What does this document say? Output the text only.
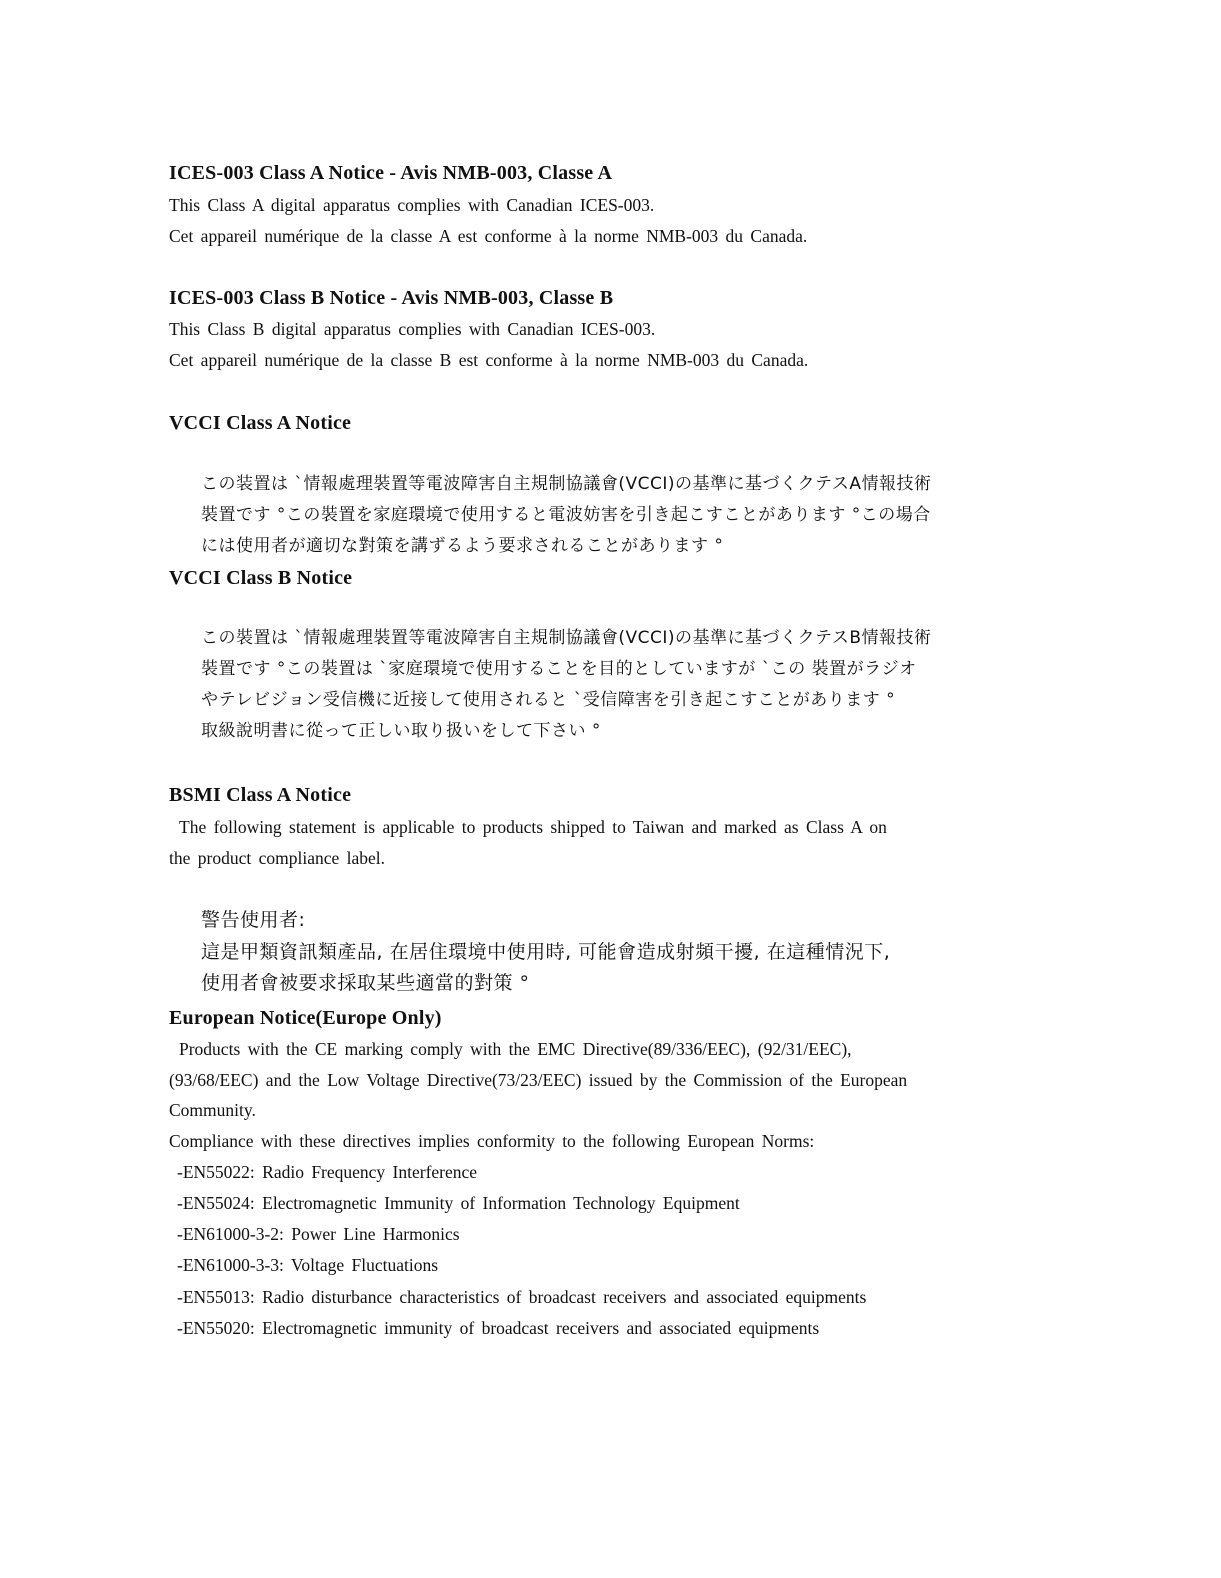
ICES-003 Class A Notice - Avis NMB-003, Classe A
This Class A digital apparatus complies with Canadian ICES-003.
Cet appareil numérique de la classe A est conforme à la norme NMB-003 du Canada.
ICES-003 Class B Notice - Avis NMB-003, Classe B
This Class B digital apparatus complies with Canadian ICES-003.
Cet appareil numérique de la classe B est conforme à la norme NMB-003 du Canada.
VCCI Class A Notice
この装置は `情報處理裝置等電波障害自主規制協議會(VCCI)の基準に基づくクテスA情報技術
裝置です °この裝置を家庭環境で使用すると電波妨害を引き起こすことがあります °この場合
には使用者が適切な對策を講ずるよう要求されることがあります °
VCCI Class B Notice
この裝置は `情報處理裝置等電波障害自主規制協議會(VCCI)の基準に基づくクテスB情報技術
裝置です °この裝置は `家庭環境で使用することを目的としていますが `この 裝置がラジオ
やテレビジョン受信機に近接して使用されると `受信障害を引き起こすことがあります °
取級說明書に從って正しい取り扱いをして下さい °
BSMI Class A Notice
The following statement is applicable to products shipped to Taiwan and marked as Class A on
the product compliance label.
警告使用者:
這是甲類資訊類產品, 在居住環境中使用時, 可能會造成射頻干擾, 在這種情況下,
使用者會被要求採取某些適當的對策 °
European Notice(Europe Only)
Products with the CE marking comply with the EMC Directive(89/336/EEC), (92/31/EEC),
(93/68/EEC) and the Low Voltage Directive(73/23/EEC) issued by the Commission of the European
Community.
Compliance with these directives implies conformity to the following European Norms:
-EN55022: Radio Frequency Interference
-EN55024: Electromagnetic Immunity of Information Technology Equipment
-EN61000-3-2: Power Line Harmonics
-EN61000-3-3: Voltage Fluctuations
-EN55013: Radio disturbance characteristics of broadcast receivers and associated equipments
-EN55020: Electromagnetic immunity of broadcast receivers and associated equipments
